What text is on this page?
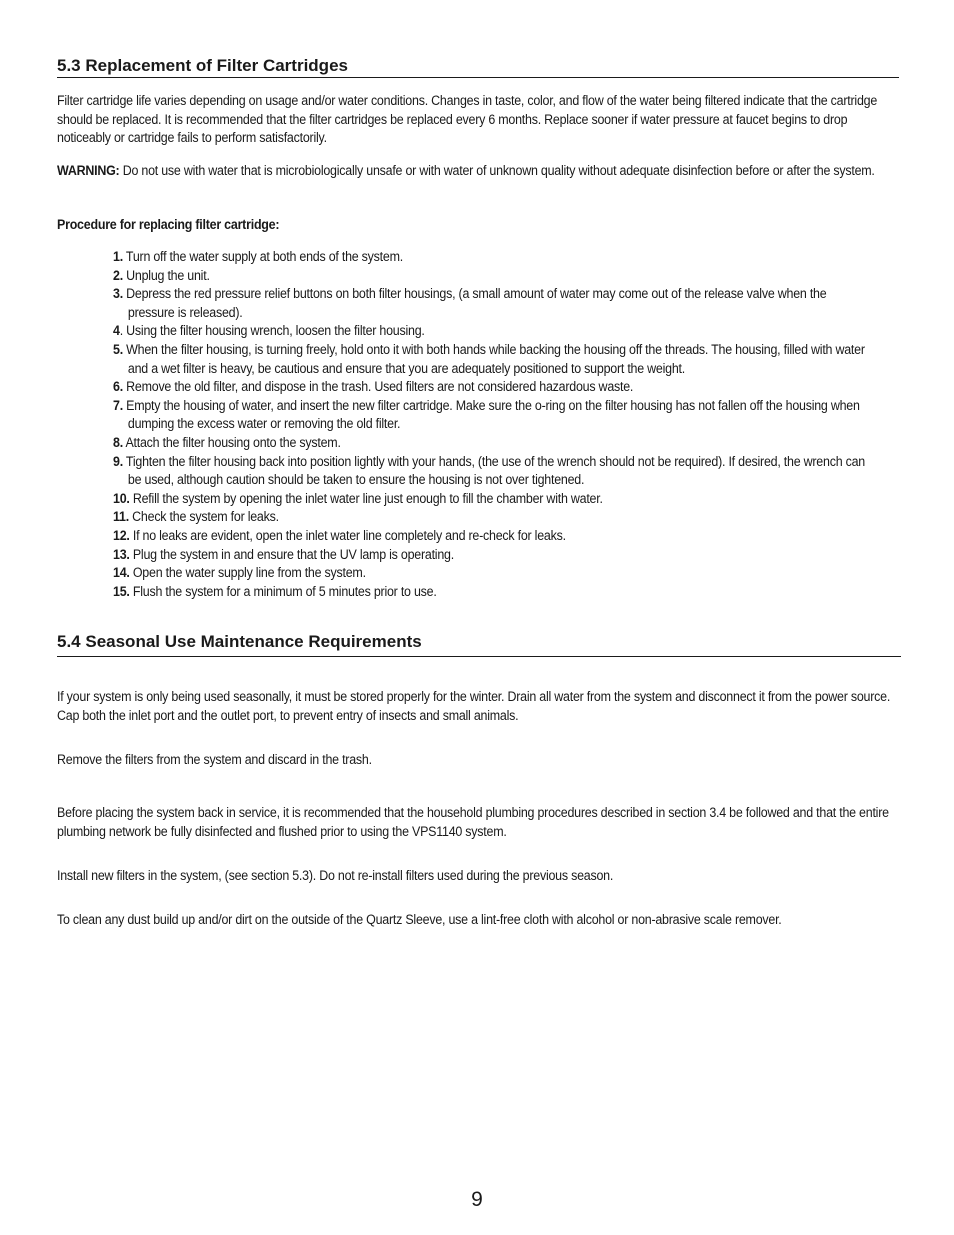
5.3 Replacement of Filter Cartridges

Filter cartridge life varies depending on usage and/or water conditions. Changes in taste, color, and flow of the water being filtered indicate that the cartridge should be replaced. It is recommended that the filter cartridges be replaced every 6 months. Replace sooner if water pressure at faucet begins to drop noticeably or cartridge fails to perform satisfactorily.

WARNING: Do not use with water that is microbiologically unsafe or with water of unknown quality without adequate disinfection before or after the system.

Procedure for replacing filter cartridge:

1. Turn off the water supply at both ends of the system.
2. Unplug the unit.
3. Depress the red pressure relief buttons on both filter housings, (a small amount of water may come out of the release valve when the pressure is released).
4. Using the filter housing wrench, loosen the filter housing.
5. When the filter housing, is turning freely, hold onto it with both hands while backing the housing off the threads. The housing, filled with water and a wet filter is heavy, be cautious and ensure that you are adequately positioned to support the weight.
6. Remove the old filter, and dispose in the trash. Used filters are not considered hazardous waste.
7. Empty the housing of water, and insert the new filter cartridge. Make sure the o-ring on the filter housing has not fallen off the housing when dumping the excess water or removing the old filter.
8. Attach the filter housing onto the system.
9. Tighten the filter housing back into position lightly with your hands, (the use of the wrench should not be required). If desired, the wrench can be used, although caution should be taken to ensure the housing is not over tightened.
10. Refill the system by opening the inlet water line just enough to fill the chamber with water.
11. Check the system for leaks.
12. If no leaks are evident, open the inlet water line completely and re-check for leaks.
13. Plug the system in and ensure that the UV lamp is operating.
14. Open the water supply line from the system.
15. Flush the system for a minimum of 5 minutes prior to use.
5.4 Seasonal Use Maintenance Requirements

If your system is only being used seasonally, it must be stored properly for the winter. Drain all water from the system and disconnect it from the power source. Cap both the inlet port and the outlet port, to prevent entry of insects and small animals.

Remove the filters from the system and discard in the trash.

Before placing the system back in service, it is recommended that the household plumbing procedures described in section 3.4 be followed and that the entire plumbing network be fully disinfected and flushed prior to using the VPS1140 system.

Install new filters in the system, (see section 5.3). Do not re-install filters used during the previous season.

To clean any dust build up and/or dirt on the outside of the Quartz Sleeve, use a lint-free cloth with alcohol or non-abrasive scale remover.

9
